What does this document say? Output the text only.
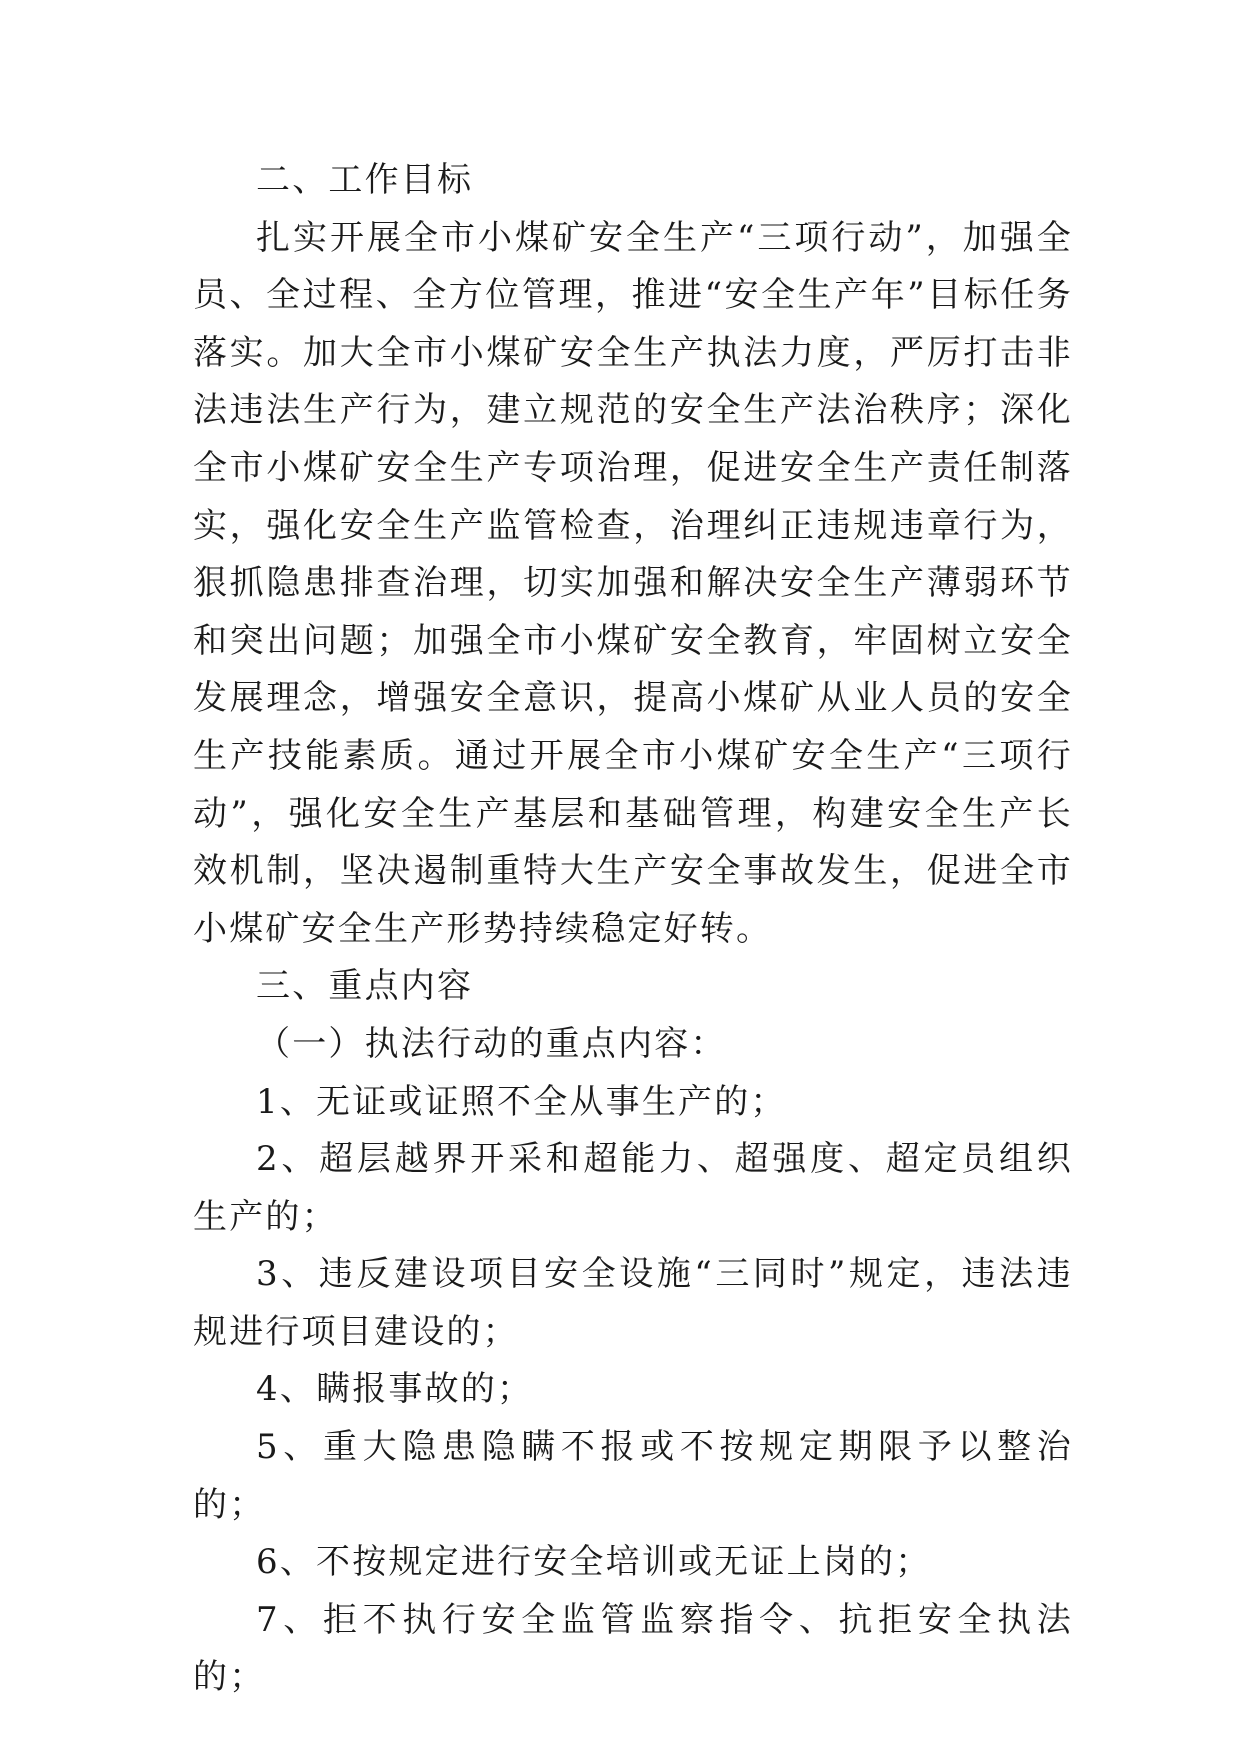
二、工作目标

扎实开展全市小煤矿安全生产“三项行动”，加强全员、全过程、全方位管理，推进“安全生产年”目标任务落实。加大全市小煤矿安全生产执法力度，严厉打击非法违法生产行为，建立规范的安全生产法治秩序；深化全市小煤矿安全生产专项治理，促进安全生产责任制落实，强化安全生产监管检查，治理纠正违规违章行为，狠抓隐患排查治理，切实加强和解决安全生产薄弱环节和突出问题；加强全市小煤矿安全教育，牢固树立安全发展理念，增强安全意识，提高小煤矿从业人员的安全生产技能素质。通过开展全市小煤矿安全生产“三项行动”，强化安全生产基层和基础管理，构建安全生产长效机制，坚决遏制重特大生产安全事故发生，促进全市小煤矿安全生产形势持续稳定好转。

三、重点内容

（一）执法行动的重点内容：

1、无证或证照不全从事生产的；

2、超层越界开采和超能力、超强度、超定员组织生产的；

3、违反建设项目安全设施“三同时”规定，违法违规进行项目建设的；

4、瞒报事故的；

5、重大隐患隐瞒不报或不按规定期限予以整治的；

6、不按规定进行安全培训或无证上岗的；

7、拒不执行安全监管监察指令、抗拒安全执法的；
